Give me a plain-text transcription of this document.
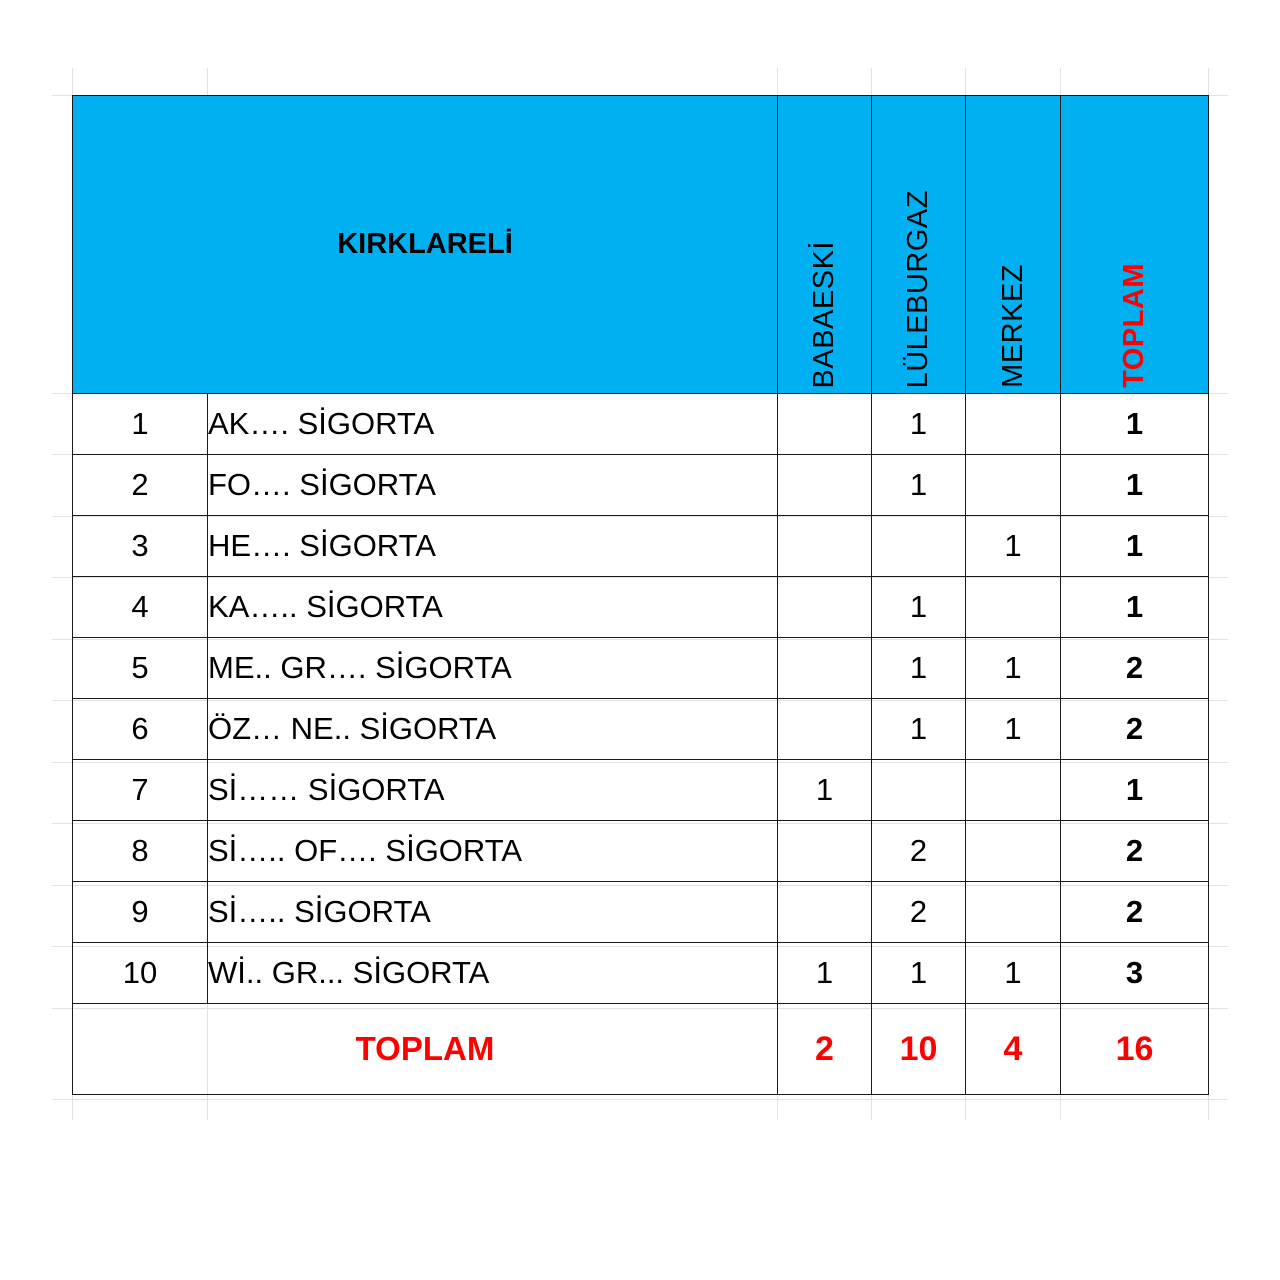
KIRKLARELİ		BABAESKİ	LÜLEBURGAZ	MERKEZ	TOPLAM
1	AK…. SİGORTA		1		1
2	FO…. SİGORTA		1		1
3	HE…. SİGORTA			1	1
4	KA….. SİGORTA		1		1
5	ME.. GR…. SİGORTA		1	1	2
6	ÖZ… NE.. SİGORTA		1	1	2
7	Sİ…… SİGORTA	1			1
8	Sİ….. OF…. SİGORTA		2		2
9	Sİ….. SİGORTA		2		2
10	Wİ.. GR... SİGORTA	1	1	1	3
TOPLAM		2	10	4	16
